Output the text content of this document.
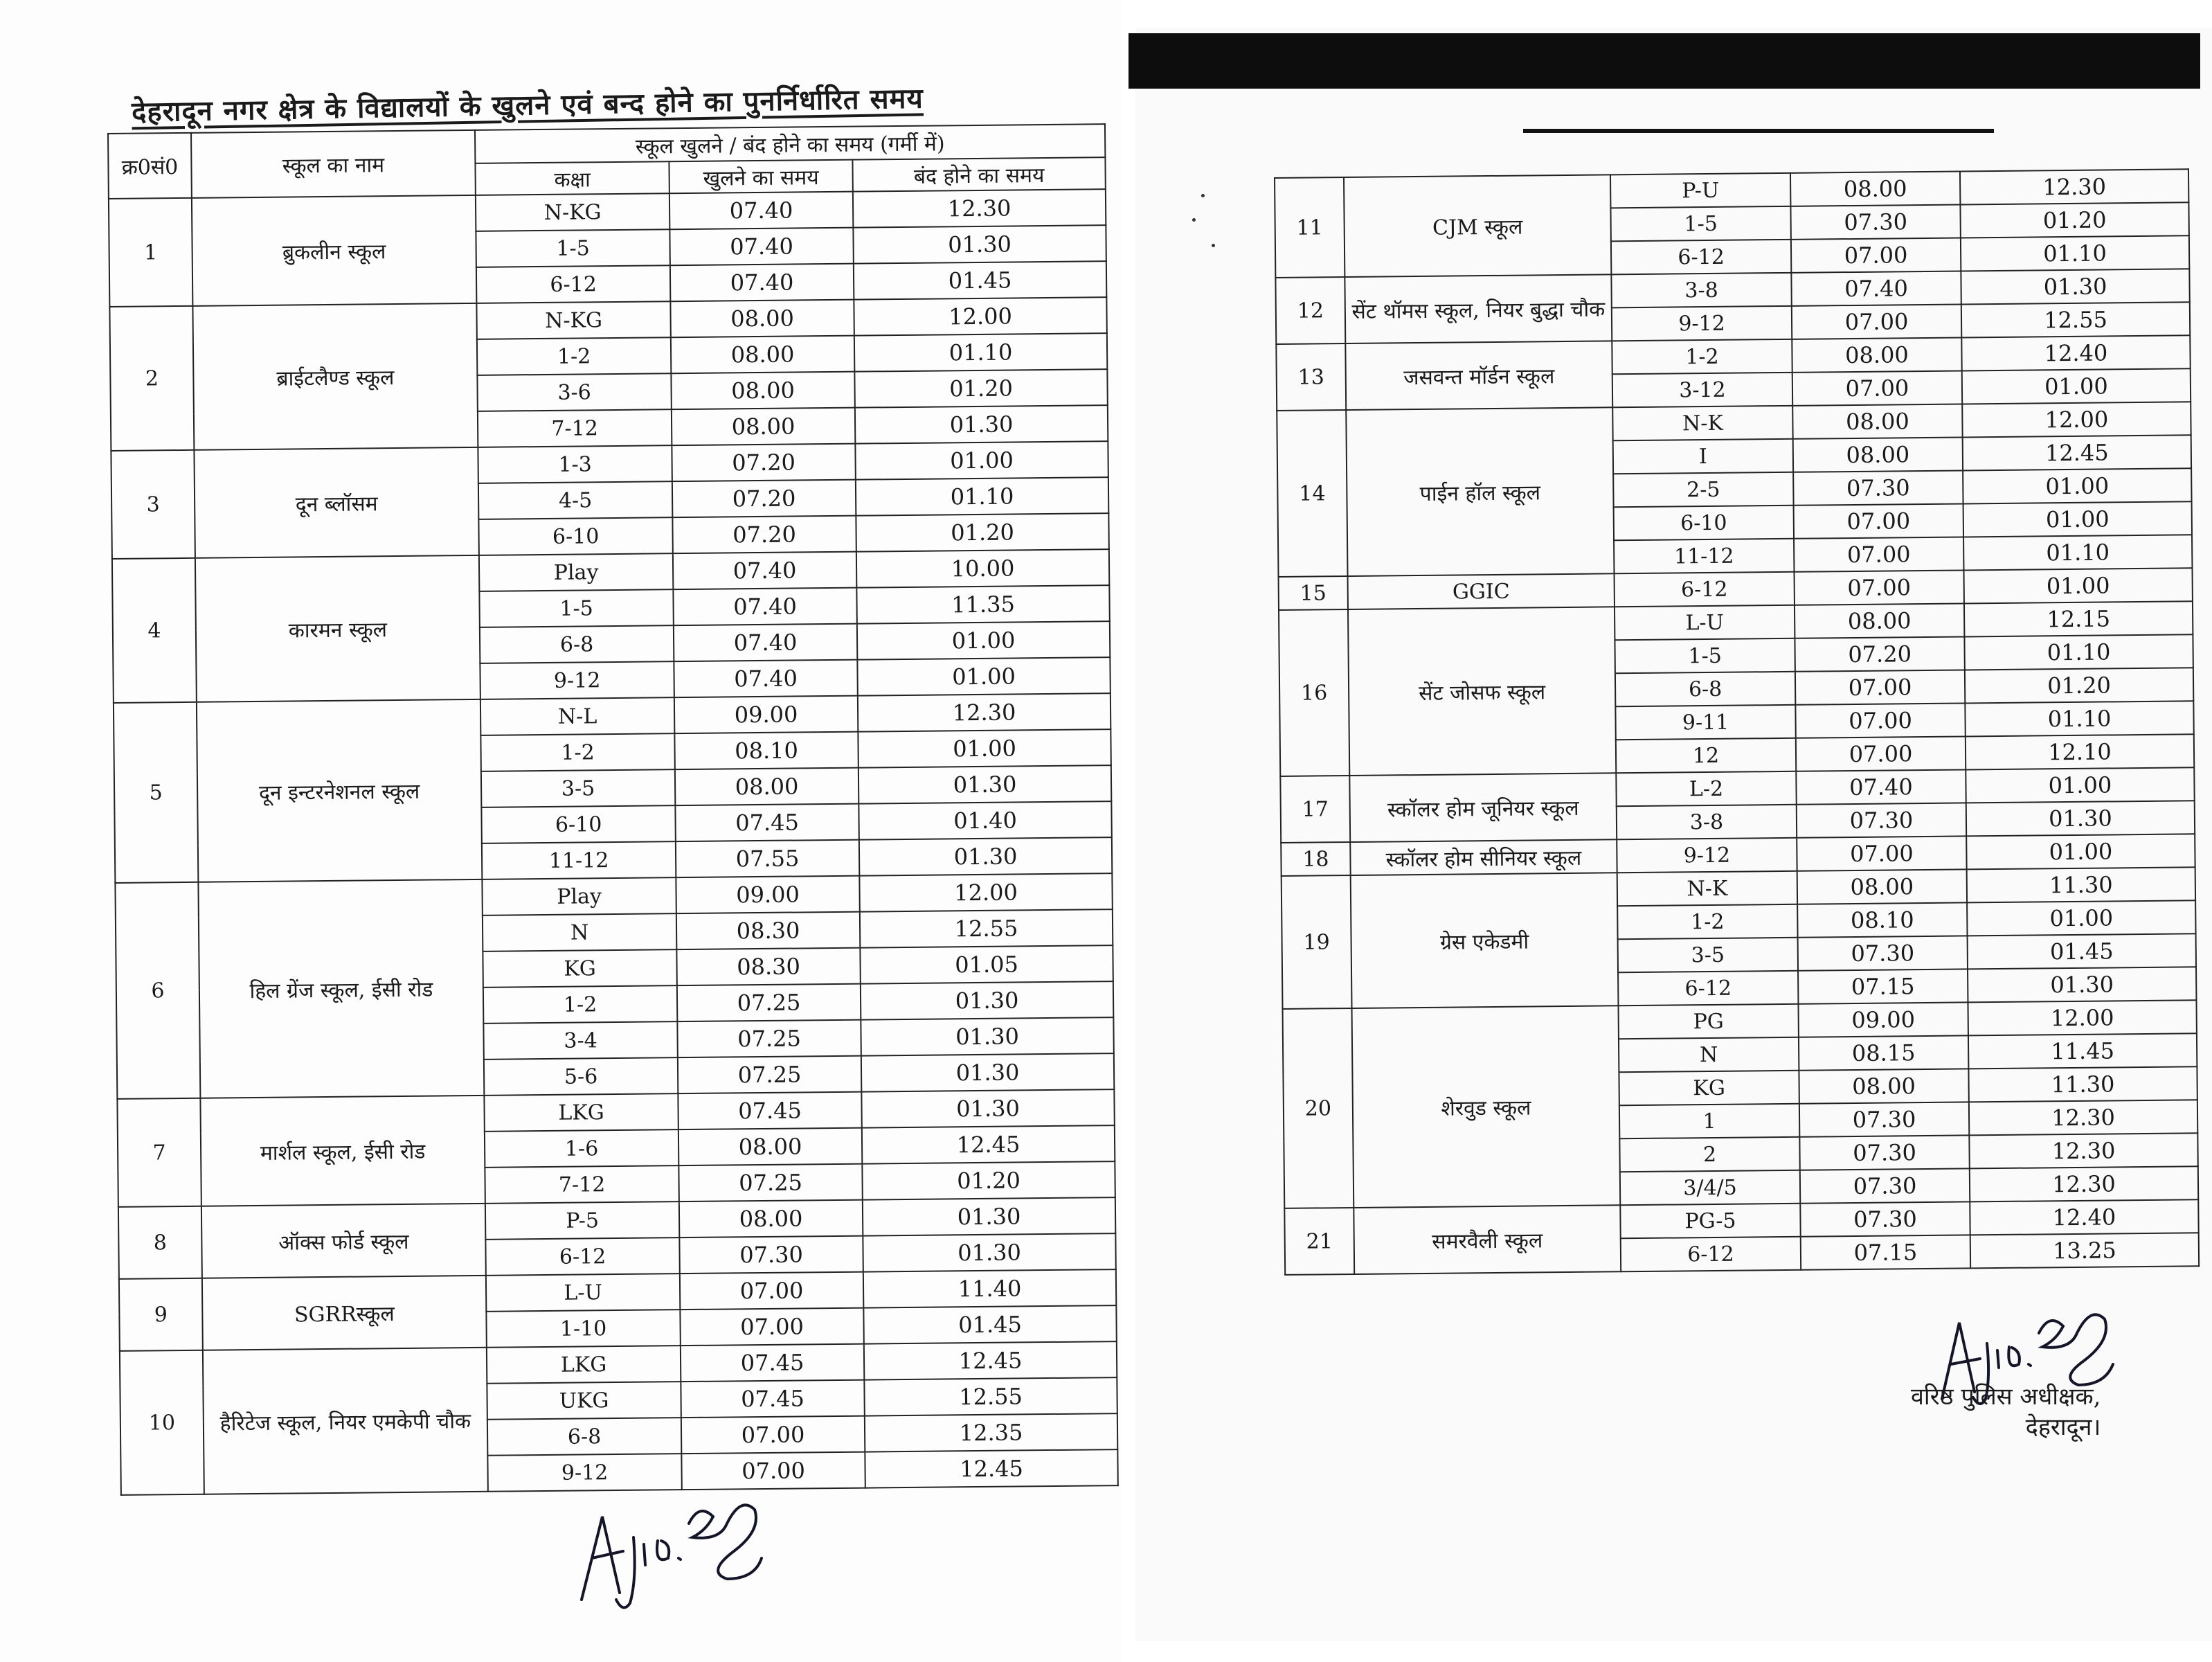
देहरादून नगर क्षेत्र के विद्यालयों के खुलने एवं बन्द होने का पुनर्निर्धारित समय
क्र0सं0	स्कूल का नाम	स्कूल खुलने / बंद होने का समय (गर्मी में)		
		कक्षा	खुलने का समय	बंद होने का समय
1	ब्रुकलीन स्कूल	N-KG	07.40	12.30
		1-5	07.40	01.30
		6-12	07.40	01.45
2	ब्राईटलैण्ड स्कूल	N-KG	08.00	12.00
		1-2	08.00	01.10
		3-6	08.00	01.20
		7-12	08.00	01.30
3	दून ब्लॉसम	1-3	07.20	01.00
		4-5	07.20	01.10
		6-10	07.20	01.20
4	कारमन स्कूल	Play	07.40	10.00
		1-5	07.40	11.35
		6-8	07.40	01.00
		9-12	07.40	01.00
5	दून इन्टरनेशनल स्कूल	N-L	09.00	12.30
		1-2	08.10	01.00
		3-5	08.00	01.30
		6-10	07.45	01.40
		11-12	07.55	01.30
6	हिल ग्रेंज स्कूल, ईसी रोड	Play	09.00	12.00
		N	08.30	12.55
		KG	08.30	01.05
		1-2	07.25	01.30
		3-4	07.25	01.30
		5-6	07.25	01.30
7	मार्शल स्कूल, ईसी रोड	LKG	07.45	01.30
		1-6	08.00	12.45
		7-12	07.25	01.20
8	ऑक्स फोर्ड स्कूल	P-5	08.00	01.30
		6-12	07.30	01.30
9	SGRRस्कूल	L-U	07.00	11.40
		1-10	07.00	01.45
10	हैरिटेज स्कूल, नियर एमकेपी चौक	LKG	07.45	12.45
		UKG	07.45	12.55
		6-8	07.00	12.35
		9-12	07.00	12.45
11	CJM स्कूल	P-U	08.00	12.30
		1-5	07.30	01.20
		6-12	07.00	01.10
12	सेंट थॉमस स्कूल, नियर बुद्धा चौक	3-8	07.40	01.30
		9-12	07.00	12.55
13	जसवन्त मॉर्डन स्कूल	1-2	08.00	12.40
		3-12	07.00	01.00
14	पाईन हॉल स्कूल	N-K	08.00	12.00
		I	08.00	12.45
		2-5	07.30	01.00
		6-10	07.00	01.00
		11-12	07.00	01.10
15	GGIC	6-12	07.00	01.00
16	सेंट जोसफ स्कूल	L-U	08.00	12.15
		1-5	07.20	01.10
		6-8	07.00	01.20
		9-11	07.00	01.10
		12	07.00	12.10
17	स्कॉलर होम जूनियर स्कूल	L-2	07.40	01.00
		3-8	07.30	01.30
18	स्कॉलर होम सीनियर स्कूल	9-12	07.00	01.00
19	ग्रेस एकेडमी	N-K	08.00	11.30
		1-2	08.10	01.00
		3-5	07.30	01.45
		6-12	07.15	01.30
20	शेरवुड स्कूल	PG	09.00	12.00
		N	08.15	11.45
		KG	08.00	11.30
		1	07.30	12.30
		2	07.30	12.30
		3/4/5	07.30	12.30
21	समरवैली स्कूल	PG-5	07.30	12.40
		6-12	07.15	13.25
वरिष्ठ पुलिस अधीक्षक,
देहरादून।
